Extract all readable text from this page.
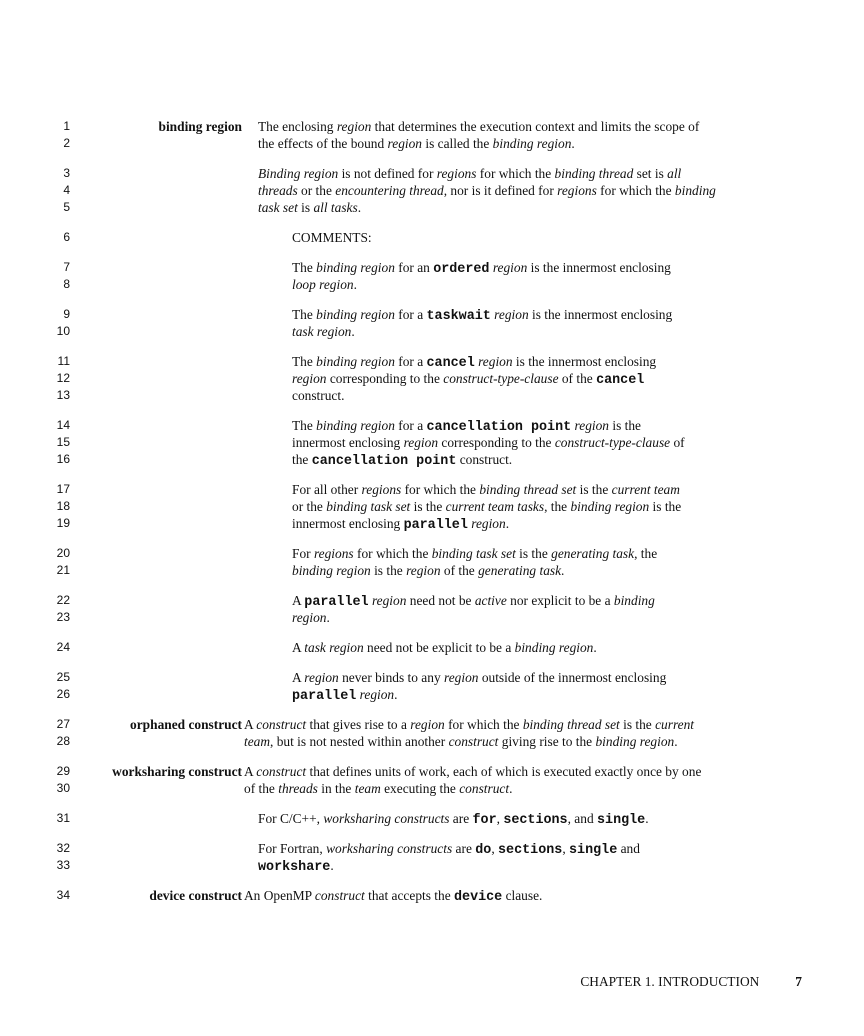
1	binding region The enclosing region that determines the execution context and limits the scope of
2	the effects of the bound region is called the binding region.
3	Binding region is not defined for regions for which the binding thread set is all
4	threads or the encountering thread, nor is it defined for regions for which the binding
5	task set is all tasks.
6	COMMENTS:
7	The binding region for an ordered region is the innermost enclosing
8	loop region.
9	The binding region for a taskwait region is the innermost enclosing
10	task region.
11	The binding region for a cancel region is the innermost enclosing
12	region corresponding to the construct-type-clause of the cancel
13	construct.
14	The binding region for a cancellation point region is the
15	innermost enclosing region corresponding to the construct-type-clause of
16	the cancellation point construct.
17	For all other regions for which the binding thread set is the current team
18	or the binding task set is the current team tasks, the binding region is the
19	innermost enclosing parallel region.
20	For regions for which the binding task set is the generating task, the
21	binding region is the region of the generating task.
22	A parallel region need not be active nor explicit to be a binding
23	region.
24	A task region need not be explicit to be a binding region.
25	A region never binds to any region outside of the innermost enclosing
26	parallel region.
27	orphaned construct A construct that gives rise to a region for which the binding thread set is the current
28	team, but is not nested within another construct giving rise to the binding region.
29	worksharing construct A construct that defines units of work, each of which is executed exactly once by one
30	of the threads in the team executing the construct.
31	For C/C++, worksharing constructs are for, sections, and single.
32	For Fortran, worksharing constructs are do, sections, single and
33	workshare.
34	device construct An OpenMP construct that accepts the device clause.
CHAPTER 1. INTRODUCTION	7
